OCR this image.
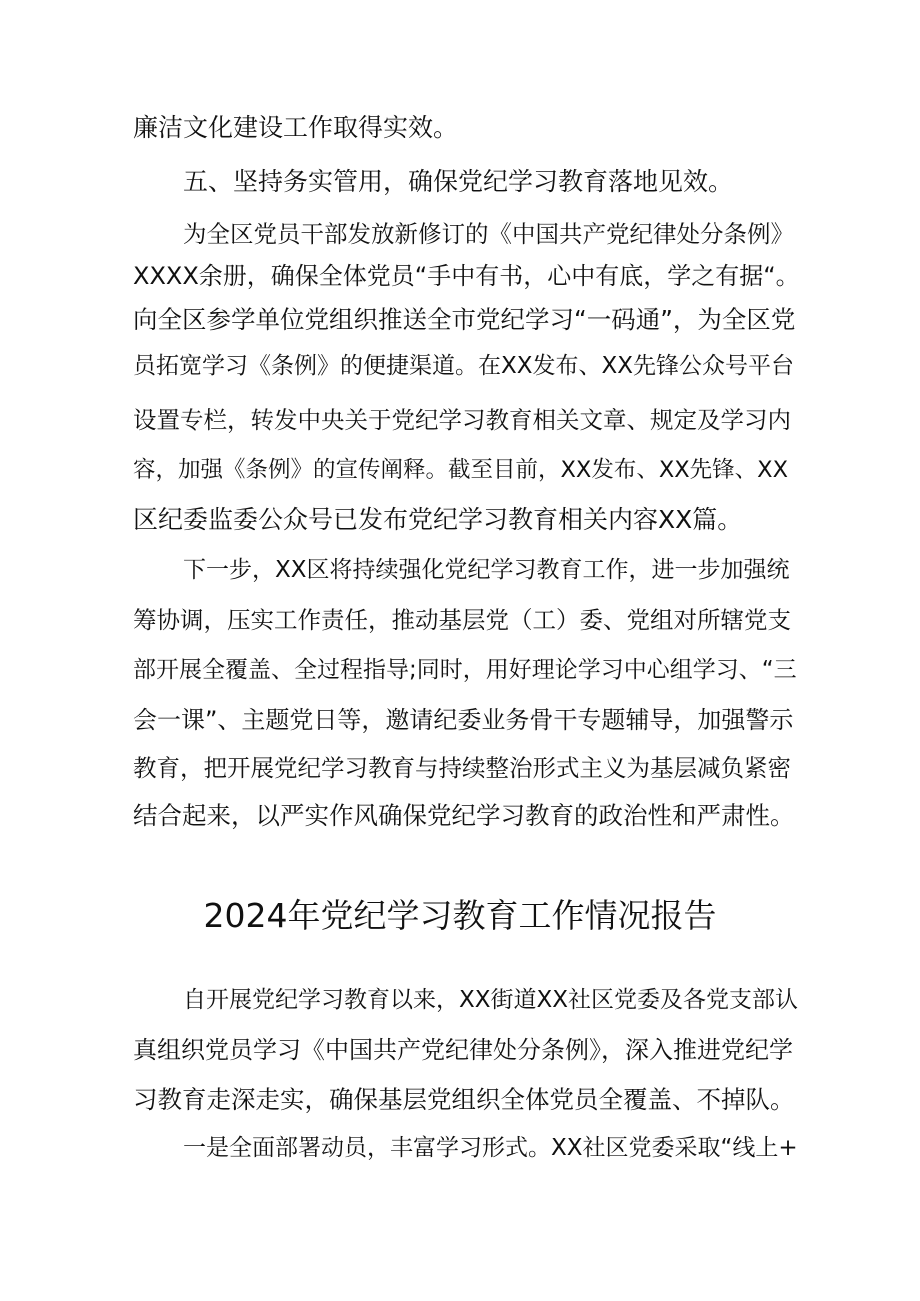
廉洁文化建设工作取得实效。
五、坚持务实管用，确保党纪学习教育落地见效。
为全区党员干部发放新修订的《中国共产党纪律处分条例》
XXXX余册，确保全体党员“手中有书，心中有底，学之有据“。
向全区参学单位党组织推送全市党纪学习“一码通”，为全区党
员拓宽学习《条例》的便捷渠道。在XX发布、XX先锋公众号平台
设置专栏，转发中央关于党纪学习教育相关文章、规定及学习内
容，加强《条例》的宣传阐释。截至目前，XX发布、XX先锋、XX
区纪委监委公众号已发布党纪学习教育相关内容XX篇。
下一步，XX区将持续强化党纪学习教育工作，进一步加强统
筹协调，压实工作责任，推动基层党（工）委、党组对所辖党支
部开展全覆盖、全过程指导;同时，用好理论学习中心组学习、“三
会一课”、主题党日等，邀请纪委业务骨干专题辅导，加强警示
教育，把开展党纪学习教育与持续整治形式主义为基层减负紧密
结合起来，以严实作风确保党纪学习教育的政治性和严肃性。
2024年党纪学习教育工作情况报告
自开展党纪学习教育以来，XX街道XX社区党委及各党支部认
真组织党员学习《中国共产党纪律处分条例》，深入推进党纪学
习教育走深走实，确保基层党组织全体党员全覆盖、不掉队。
一是全面部署动员，丰富学习形式。XX社区党委采取“线上+
